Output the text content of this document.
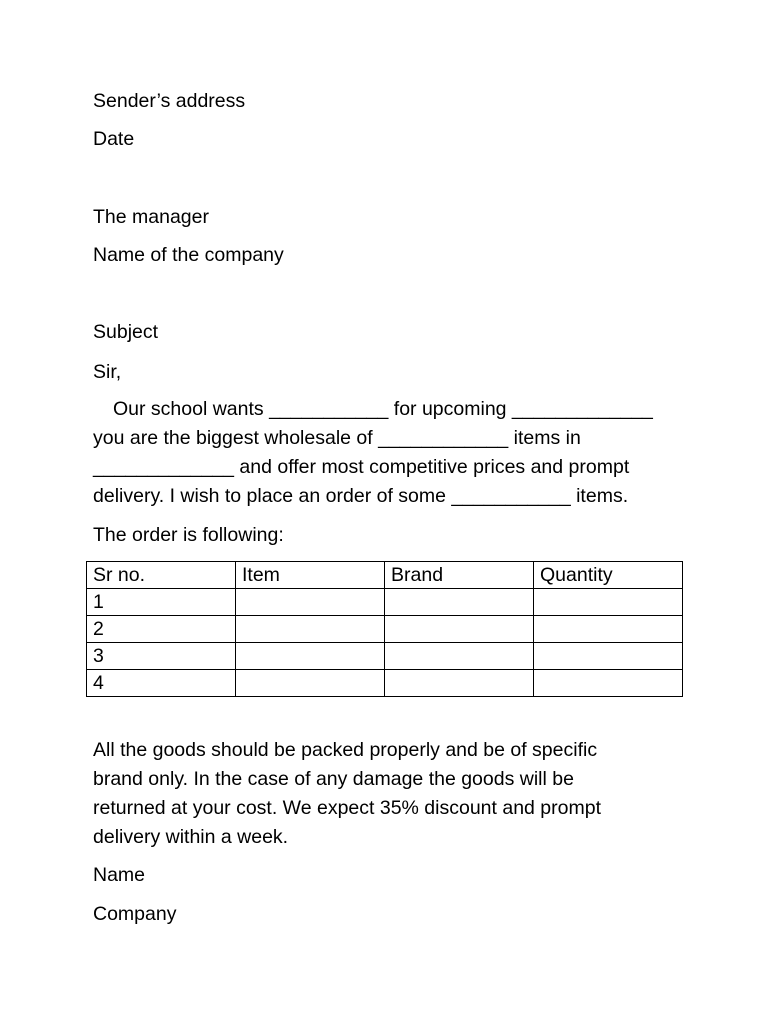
Sender’s address

Date

The manager

Name of the company

Subject

Sir,

Our school wants ___________ for upcoming _____________
you are the biggest wholesale of ____________ items in
_____________ and offer most competitive prices and prompt
delivery. I wish to place an order of some ___________ items.

The order is following:

Sr no.	Item	Brand	Quantity
1			
2			
3			
4			
All the goods should be packed properly and be of specific
brand only. In the case of any damage the goods will be
returned at your cost. We expect 35% discount and prompt
delivery within a week.

Name

Company
